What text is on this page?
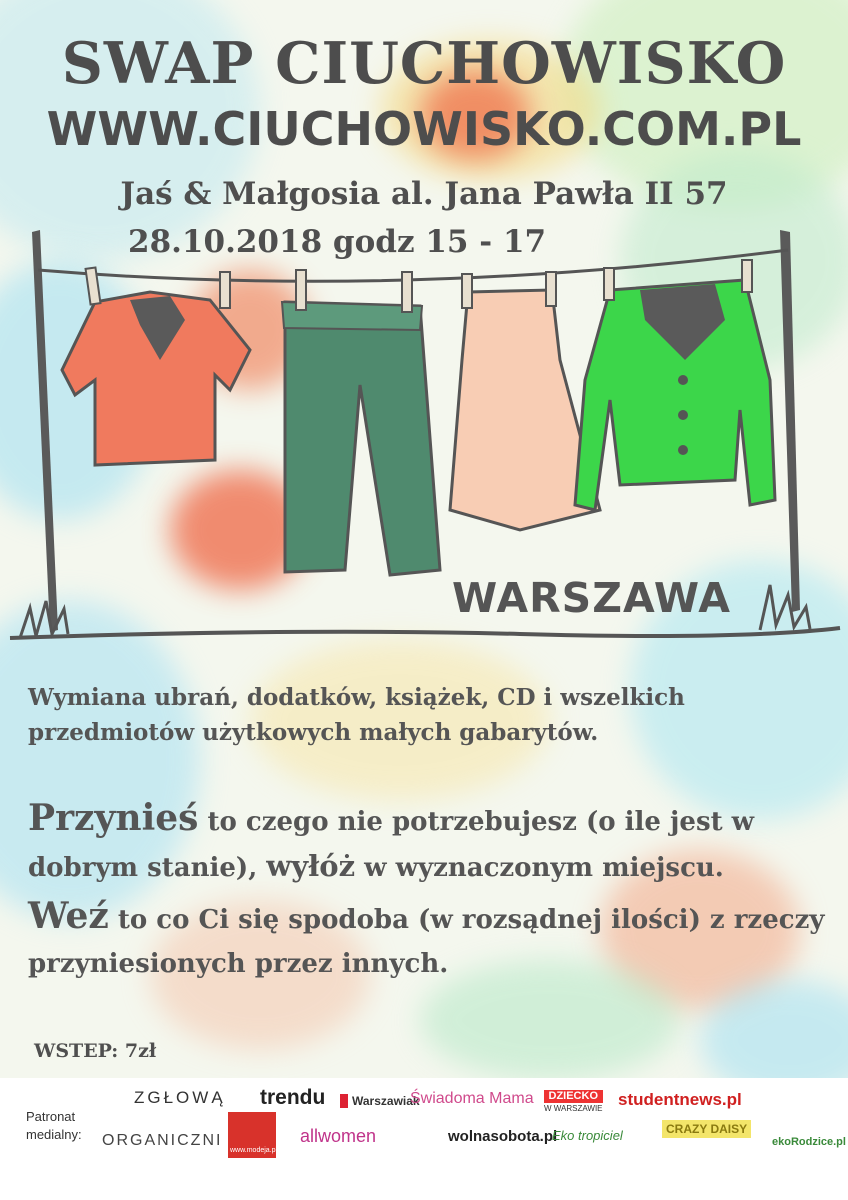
SWAP CIUCHOWISKO
WWW.CIUCHOWISKO.COM.PL
Jaś & Małgosia al. Jana Pawła II 57
28.10.2018 godz 15 - 17
WARSZAWA
Wymiana ubrań, dodatków, książek, CD i wszelkich przedmiotów użytkowych małych gabarytów.
Przynieś to czego nie potrzebujesz (o ile jest w dobrym stanie), wyłóż w wyznaczonym miejscu.
Weź to co Ci się spodoba (w rozsądnej ilości) z rzeczy przyniesionych przez innych.
WSTEP: 7zł
Patronat
medialny:
ZGŁOWĄ trendu	Warszawiak
Świadoma Mama	DZIECKO
W WARSZAWIE studentnews.pl
ORGANICZNI
www.modeja.pl
allwomen	wolnasobota.pl
Eko tropiciel	CRAZY DAISY
ekoRodzice.pl
